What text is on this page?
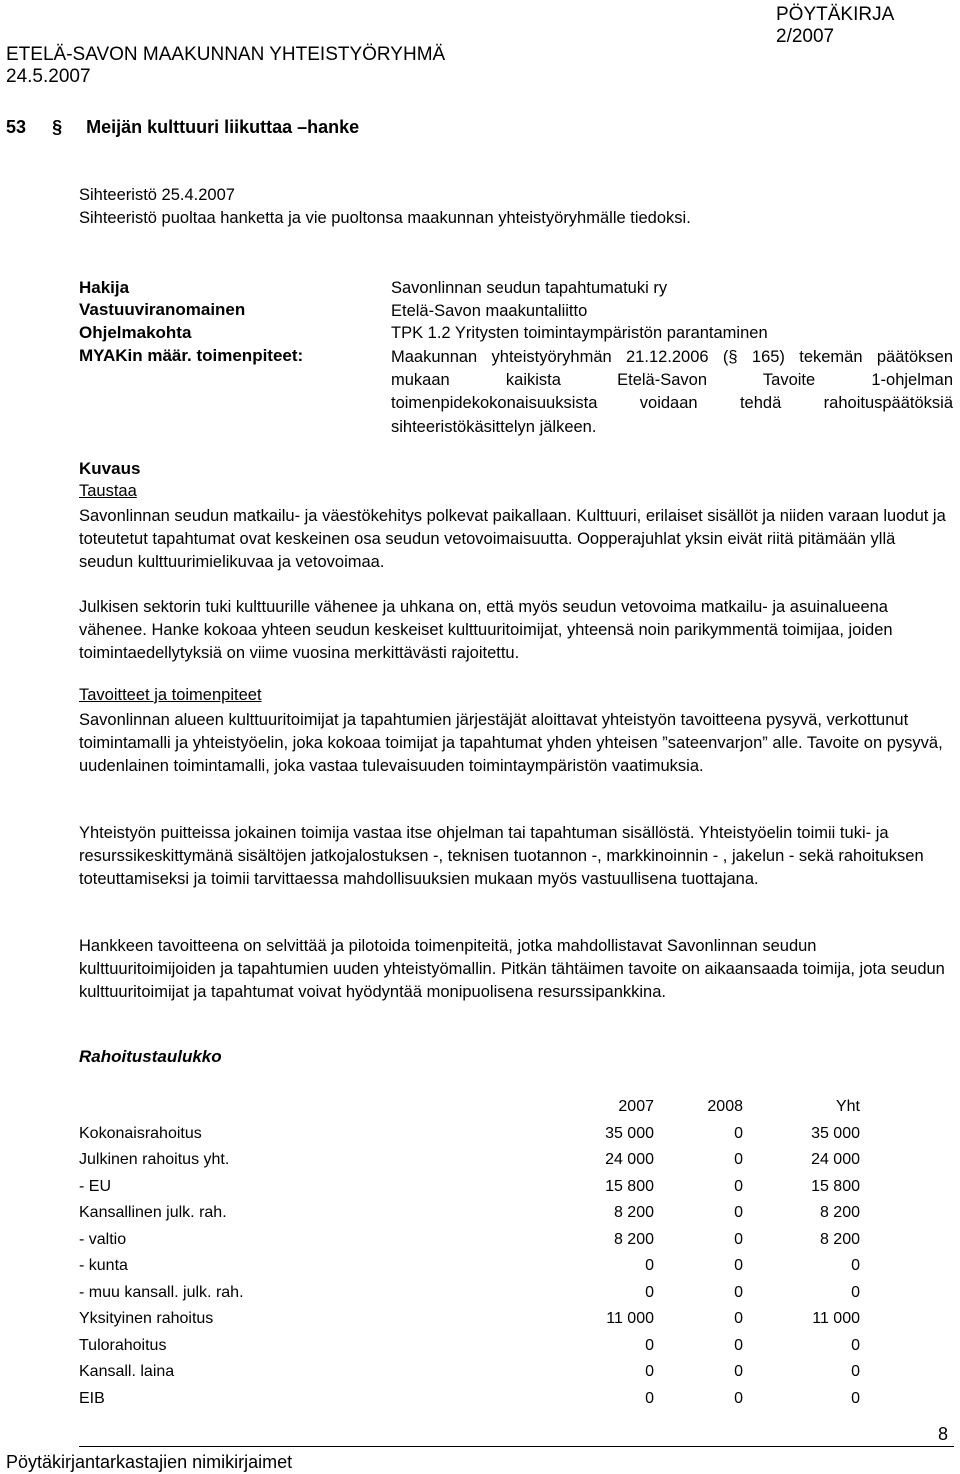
ETELÄ-SAVON MAAKUNNAN YHTEISTYÖRYHMÄ
24.5.2007
PÖYTÄKIRJA
2/2007
53 § Meijän kulttuuri liikuttaa –hanke
Sihteeristö 25.4.2007
Sihteeristö puoltaa hanketta ja vie puoltonsa maakunnan yhteistyöryhmälle tiedoksi.
Hakija	Savonlinnan seudun tapahtumatuki ry
Vastuuviranomainen	Etelä-Savon maakuntaliitto
Ohjelmakohta	TPK 1.2 Yritysten toimintaympäristön parantaminen
MYAKin määr. toimenpiteet:	Maakunnan yhteistyöryhmän 21.12.2006 (§ 165) tekemän päätöksen mukaan kaikista Etelä-Savon Tavoite 1-ohjelman toimenpidekokonaisuuksista voidaan tehdä rahoituspäätöksiä sihteeristökäsittelyn jälkeen.
Kuvaus
Taustaa

Savonlinnan seudun matkailu- ja väestökehitys polkevat paikallaan. Kulttuuri, erilaiset sisällöt ja niiden varaan luodut ja toteutetut tapahtumat ovat keskeinen osa seudun vetovoimaisuutta. Oopperajuhlat yksin eivät riitä pitämään yllä seudun kulttuurimielikuvaa ja vetovoimaa.

Julkisen sektorin tuki kulttuurille vähenee ja uhkana on, että myös seudun vetovoima matkailu- ja asuinalueena vähenee. Hanke kokoaa yhteen seudun keskeiset kulttuuritoimijat, yhteensä noin parikymmentä toimijaa, joiden toimintaedellytyksiä on viime vuosina merkittävästi rajoitettu.

Tavoitteet ja toimenpiteet

Savonlinnan alueen kulttuuritoimijat ja tapahtumien järjestäjät aloittavat yhteistyön tavoitteena pysyvä, verkottunut toimintamalli ja yhteistyöelin, joka kokoaa toimijat ja tapahtumat yhden yhteisen ”sateenvarjon” alle. Tavoite on pysyvä, uudenlainen toimintamalli, joka vastaa tulevaisuuden toimintaympäristön vaatimuksia.

Yhteistyön puitteissa jokainen toimija vastaa itse ohjelman tai tapahtuman sisällöstä. Yhteistyöelin toimii tuki- ja resurssikeskittymänä sisältöjen jatkojalostuksen -, teknisen tuotannon -, markkinoinnin - , jakelun - sekä rahoituksen toteuttamiseksi ja toimii tarvittaessa mahdollisuuksien mukaan myös vastuullisena tuottajana.

Hankkeen tavoitteena on selvittää ja pilotoida toimenpiteitä, jotka mahdollistavat Savonlinnan seudun kulttuuritoimijoiden ja tapahtumien uuden yhteistyömallin. Pitkän tähtäimen tavoite on aikaansaada toimija, jota seudun kulttuuritoimijat ja tapahtumat voivat hyödyntää monipuolisena resurssipankkina.

Rahoitustaulukko
	2007	2008	Yht
Kokonaisrahoitus	35 000	0	35 000
Julkinen rahoitus yht.	24 000	0	24 000
- EU	15 800	0	15 800
Kansallinen julk. rah.	8 200	0	8 200
- valtio	8 200	0	8 200
- kunta	0	0	0
- muu kansall. julk. rah.	0	0	0
Yksityinen rahoitus	11 000	0	11 000
Tulorahoitus	0	0	0
Kansall. laina	0	0	0
EIB	0	0	0
Pöytäkirjantarkastajien nimikirjaimet
8
